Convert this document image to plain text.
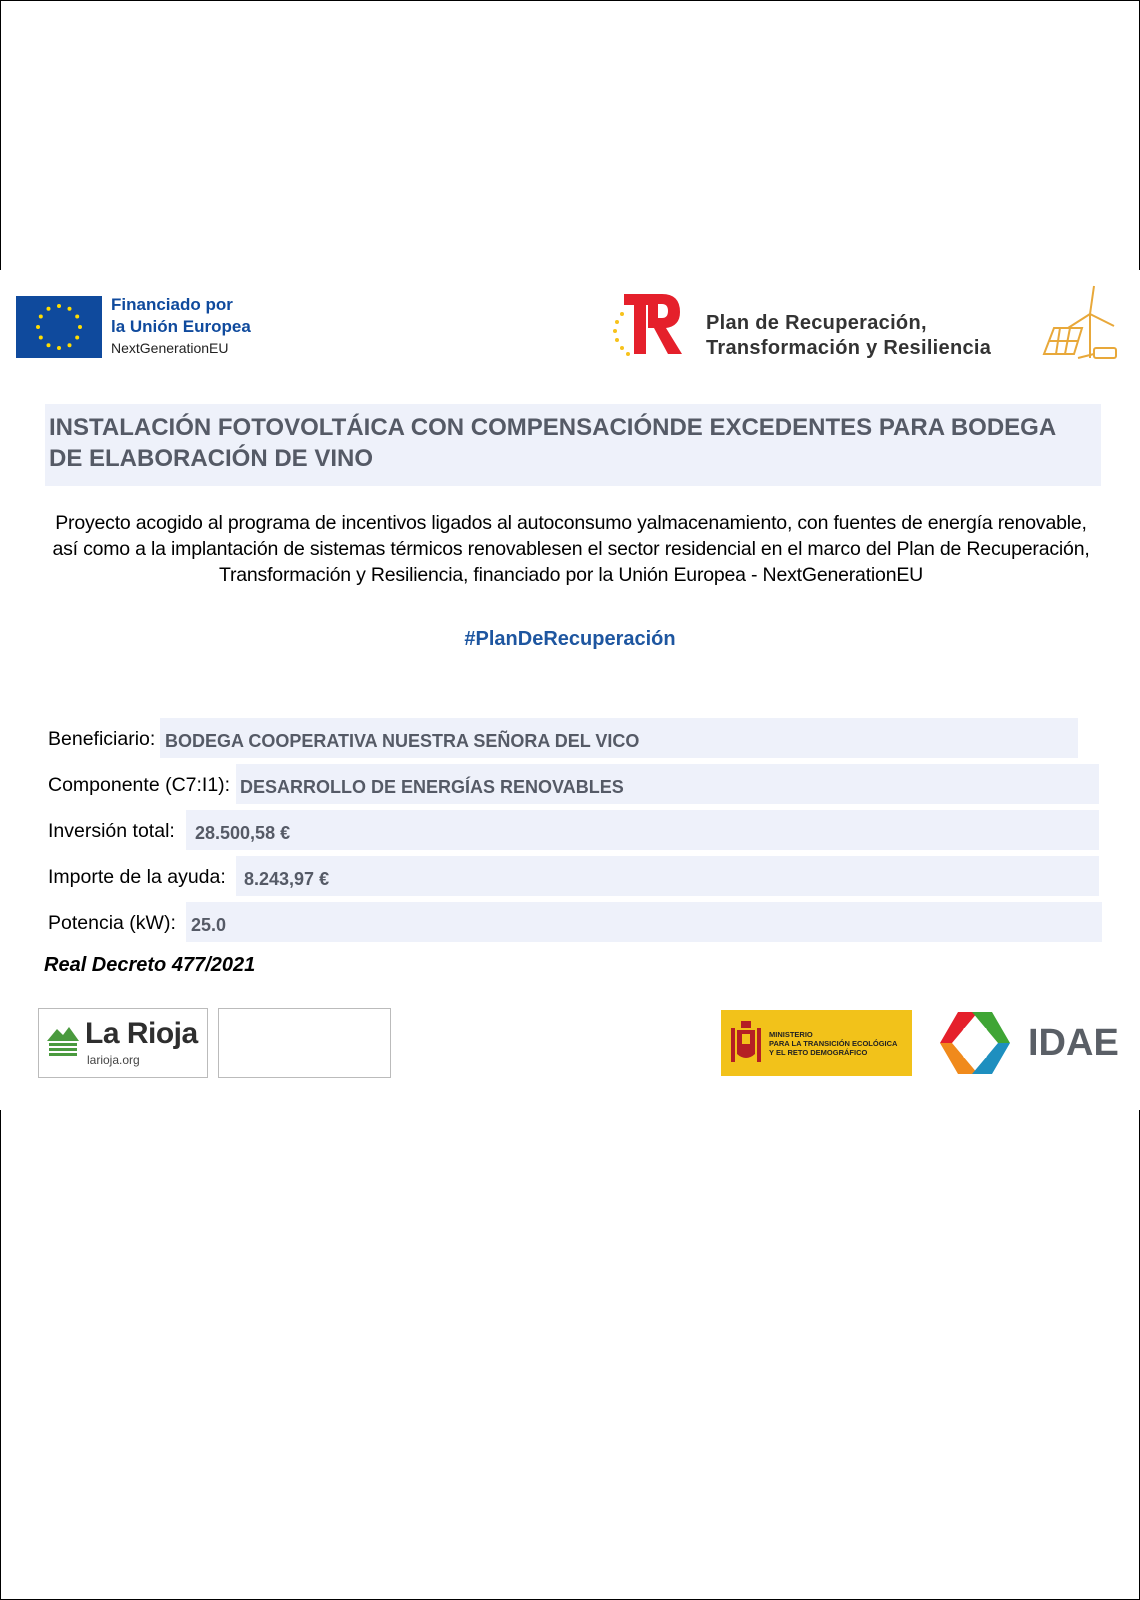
Financiado por
la Unión Europea
NextGenerationEU
Plan de Recuperación,
Transformación y Resiliencia
INSTALACIÓN FOTOVOLTÁICA CON COMPENSACIÓNDE EXCEDENTES PARA BODEGA DE ELABORACIÓN DE VINO
Proyecto acogido al programa de incentivos ligados al autoconsumo yalmacenamiento, con fuentes de energía renovable, así como a la implantación de sistemas térmicos renovablesen el sector residencial en el marco del Plan de Recuperación, Transformación y Resiliencia, financiado por la Unión Europea - NextGenerationEU
#PlanDeRecuperación
Beneficiario: BODEGA COOPERATIVA NUESTRA SEÑORA DEL VICO
Componente (C7:I1): DESARROLLO DE ENERGÍAS RENOVABLES
Inversión total: 28.500,58 €
Importe de la ayuda: 8.243,97 €
Potencia (kW): 25.0
Real Decreto 477/2021
La Rioja
larioja.org
MINISTERIO
PARA LA TRANSICIÓN ECOLÓGICA
Y EL RETO DEMOGRÁFICO	IDAE
